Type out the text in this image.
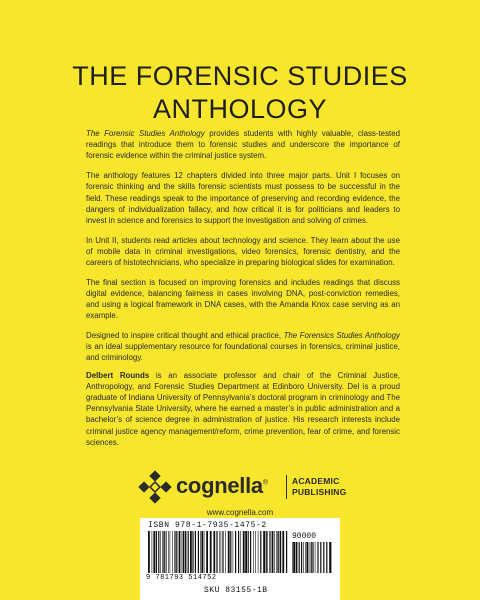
THE FORENSIC STUDIES
ANTHOLOGY

The Forensic Studies Anthology provides students with highly valuable, class-tested readings that introduce them to forensic studies and underscore the importance of forensic evidence within the criminal justice system.

The anthology features 12 chapters divided into three major parts. Unit I focuses on forensic thinking and the skills forensic scientists must possess to be successful in the field. These readings speak to the importance of preserving and recording evidence, the dangers of individualization fallacy, and how critical it is for politicians and leaders to invest in science and forensics to support the investigation and solving of crimes.

In Unit II, students read articles about technology and science. They learn about the use of mobile data in criminal investigations, video forensics, forensic dentistry, and the careers of histotechnicians, who specialize in preparing biological slides for examination.

The final section is focused on improving forensics and includes readings that discuss digital evidence, balancing fairness in cases involving DNA, post-conviction remedies, and using a logical framework in DNA cases, with the Amanda Knox case serving as an example.

Designed to inspire critical thought and ethical practice, The Forensics Studies Anthology is an ideal supplementary resource for foundational courses in forensics, criminal justice, and criminology.

Delbert Rounds is an associate professor and chair of the Criminal Justice, Anthropology, and Forensic Studies Department at Edinboro University. Del is a proud graduate of Indiana University of Pennsylvania’s doctoral program in criminology and The Pennsylvania State University, where he earned a master’s in public administration and a bachelor’s of science degree in administration of justice. His research interests include criminal justice agency management/reform, crime prevention, fear of crime, and forensic sciences.

cognella®	ACADEMIC
PUBLISHING
www.cognella.com
ISBN 978-1-7935-1475-2
90000
9 781793 514752
SKU 83155-1B
